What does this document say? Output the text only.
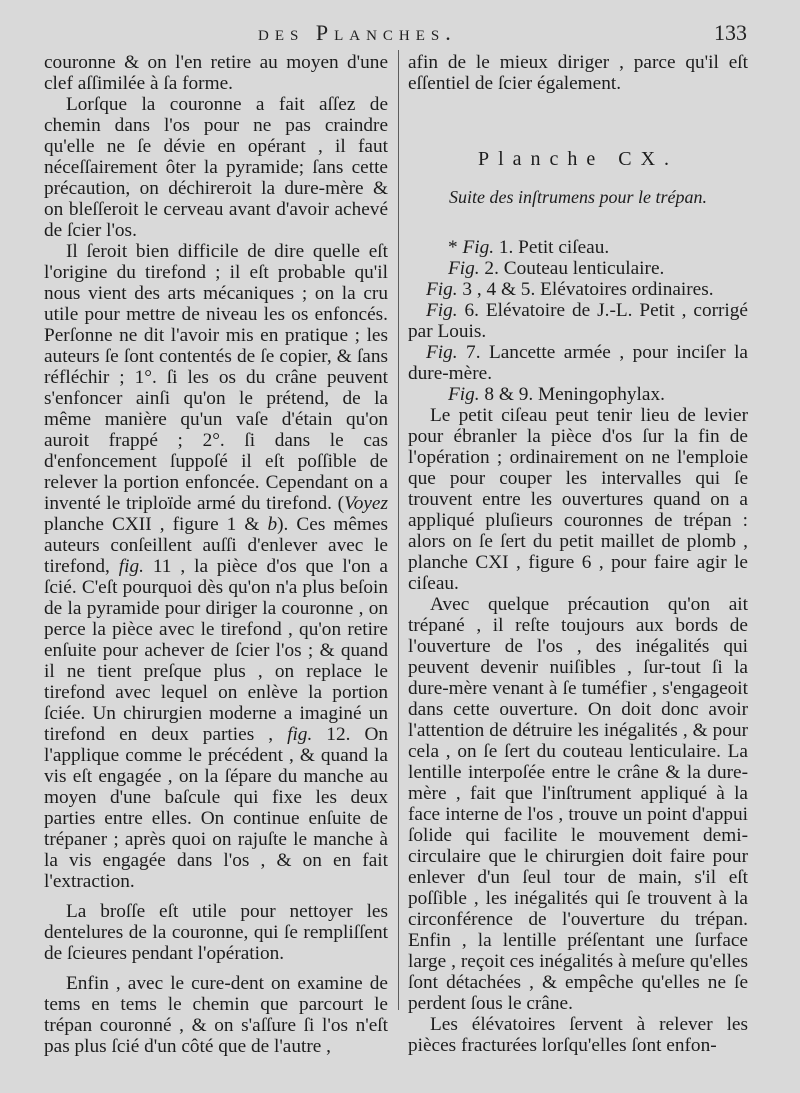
des Planches.	133

couronne & on l'en retire au moyen d'une clef aſſimilée à ſa forme.

Lorſque la couronne a fait aſſez de chemin dans l'os pour ne pas craindre qu'elle ne ſe dévie en opérant , il faut néceſſairement ôter la pyramide; ſans cette précaution, on déchireroit la dure-mère & on bleſſeroit le cerveau avant d'avoir achevé de ſcier l'os.

Il ſeroit bien difficile de dire quelle eſt l'origine du tirefond ; il eſt probable qu'il nous vient des arts mécaniques ; on la cru utile pour mettre de niveau les os enfoncés. Perſonne ne dit l'avoir mis en pratique ; les auteurs ſe ſont contentés de ſe copier, & ſans réfléchir ; 1°. ſi les os du crâne peuvent s'enfoncer ainſi qu'on le prétend, de la même manière qu'un vaſe d'étain qu'on auroit frappé ; 2°. ſi dans le cas d'enfoncement ſuppoſé il eſt poſſible de relever la portion enfoncée. Cependant on a inventé le triploïde armé du tirefond. (Voyez planche CXII , figure 1 & b). Ces mêmes auteurs conſeillent auſſi d'enlever avec le tirefond, fig. 11 , la pièce d'os que l'on a ſcié. C'eſt pourquoi dès qu'on n'a plus beſoin de la pyramide pour diriger la couronne , on perce la pièce avec le tirefond , qu'on retire enſuite pour achever de ſcier l'os ; & quand il ne tient preſque plus , on replace le tirefond avec lequel on enlève la portion ſciée. Un chirurgien moderne a imaginé un tirefond en deux parties , fig. 12. On l'applique comme le précédent , & quand la vis eſt engagée , on la ſépare du manche au moyen d'une baſcule qui fixe les deux parties entre elles. On continue enſuite de trépaner ; après quoi on rajuſte le manche à la vis engagée dans l'os , & on en fait l'extraction.

La broſſe eſt utile pour nettoyer les dentelures de la couronne, qui ſe rempliſſent de ſcieures pendant l'opération.

Enfin , avec le cure-dent on examine de tems en tems le chemin que parcourt le trépan couronné , & on s'aſſure ſi l'os n'eſt pas plus ſcié d'un côté que de l'autre ,

afin de le mieux diriger , parce qu'il eſt eſſentiel de ſcier également.

Planche CX.
Suite des inſtrumens pour le trépan.

* Fig. 1. Petit ciſeau.

Fig. 2. Couteau lenticulaire.

Fig. 3 , 4 & 5. Elévatoires ordinaires.

Fig. 6. Elévatoire de J.-L. Petit , corrigé par Louis.

Fig. 7. Lancette armée , pour inciſer la dure-mère.

Fig. 8 & 9. Meningophylax.

Le petit ciſeau peut tenir lieu de levier pour ébranler la pièce d'os ſur la fin de l'opération ; ordinairement on ne l'emploie que pour couper les intervalles qui ſe trouvent entre les ouvertures quand on a appliqué pluſieurs couronnes de trépan : alors on ſe ſert du petit maillet de plomb , planche CXI , figure 6 , pour faire agir le ciſeau.

Avec quelque précaution qu'on ait trépané , il reſte toujours aux bords de l'ouverture de l'os , des inégalités qui peuvent devenir nuiſibles , ſur-tout ſi la dure-mère venant à ſe tuméfier , s'engageoit dans cette ouverture. On doit donc avoir l'attention de détruire les inégalités , & pour cela , on ſe ſert du couteau lenticulaire. La lentille interpoſée entre le crâne & la dure-mère , fait que l'inſtrument appliqué à la face interne de l'os , trouve un point d'appui ſolide qui facilite le mouvement demi-circulaire que le chirurgien doit faire pour enlever d'un ſeul tour de main, s'il eſt poſſible , les inégalités qui ſe trouvent à la circonférence de l'ouverture du trépan. Enfin , la lentille préſentant une ſurface large , reçoit ces inégalités à meſure qu'elles ſont détachées , & empêche qu'elles ne ſe perdent ſous le crâne.

Les élévatoires ſervent à relever les pièces fracturées lorſqu'elles ſont enfon-
